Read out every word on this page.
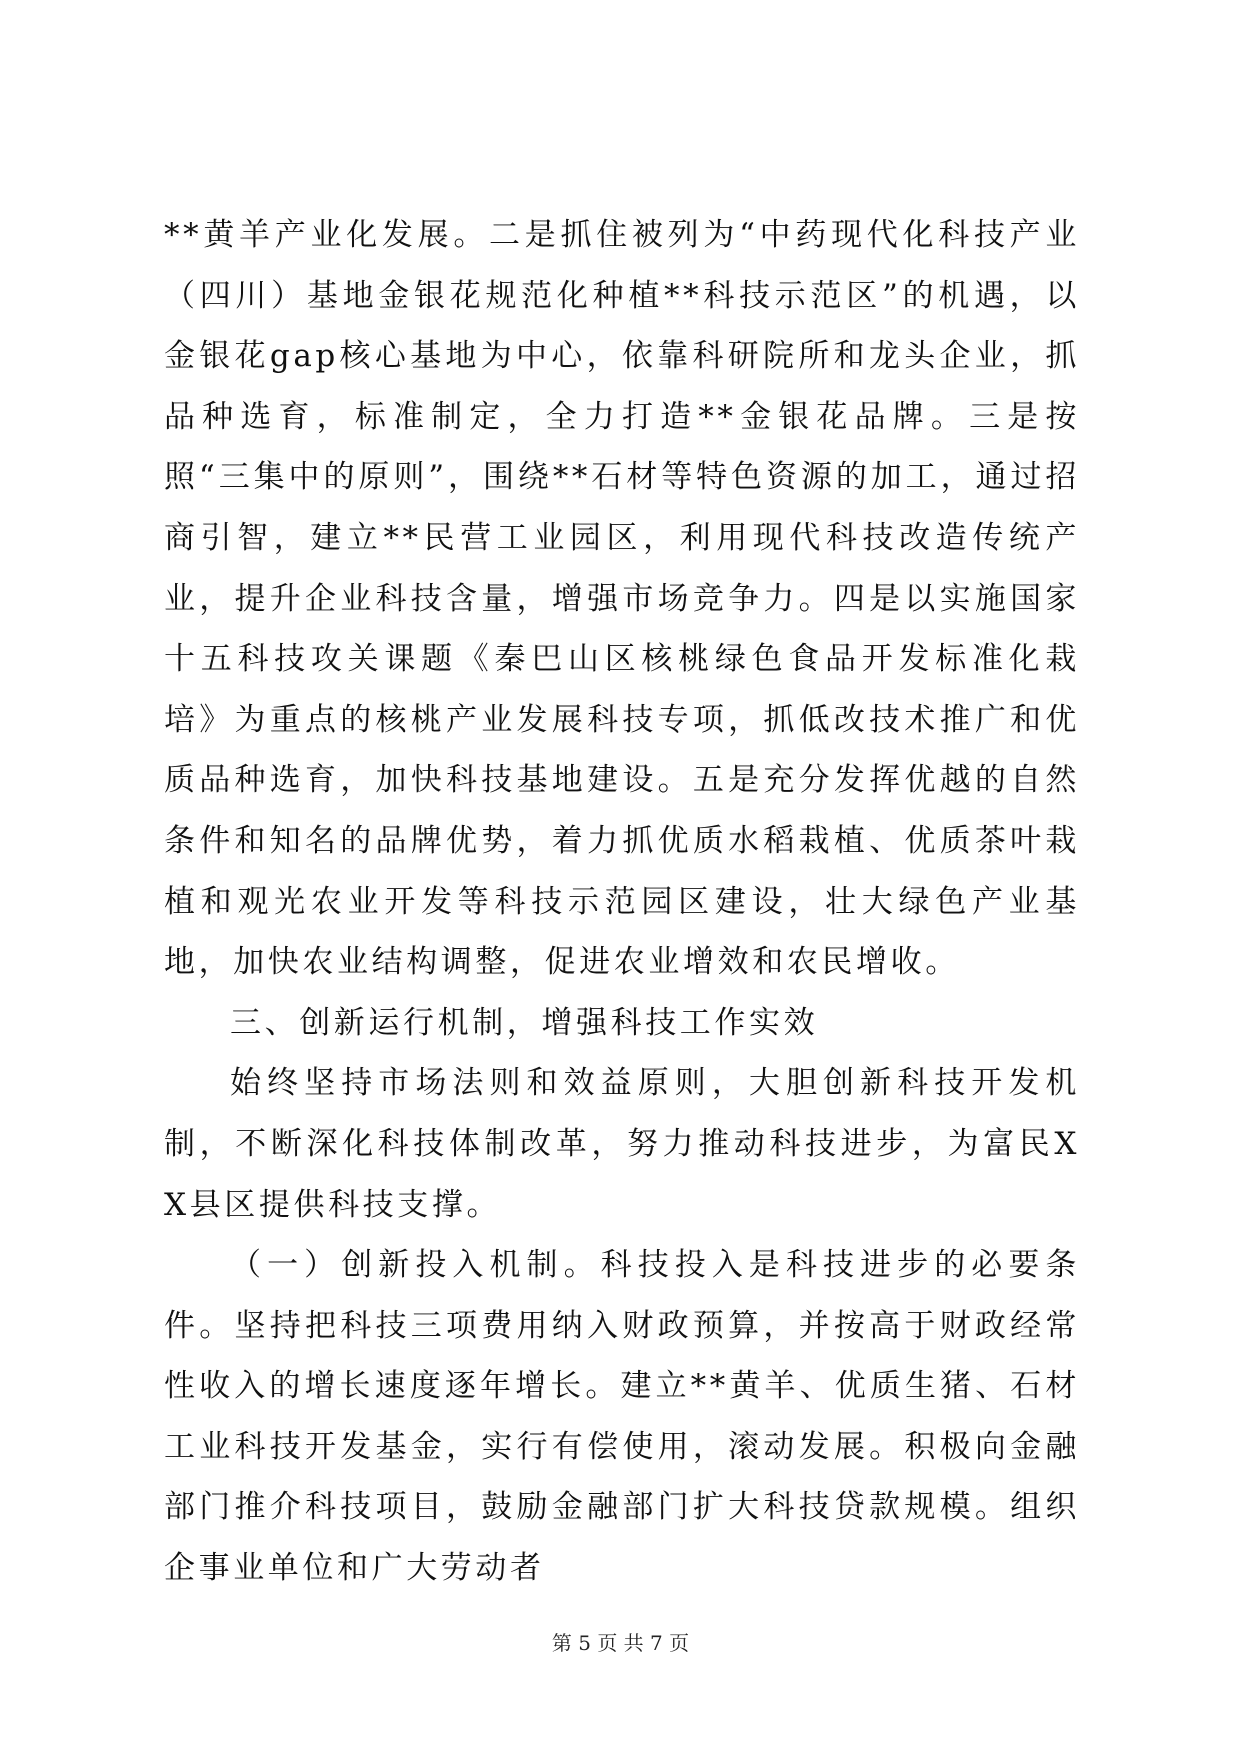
**黄羊产业化发展。二是抓住被列为“中药现代化科技产业（四川）基地金银花规范化种植**科技示范区”的机遇，以金银花gap核心基地为中心，依靠科研院所和龙头企业，抓品种选育，标准制定，全力打造**金银花品牌。三是按照“三集中的原则”，围绕**石材等特色资源的加工，通过招商引智，建立**民营工业园区，利用现代科技改造传统产业，提升企业科技含量，增强市场竞争力。四是以实施国家十五科技攻关课题《秦巴山区核桃绿色食品开发标准化栽培》为重点的核桃产业发展科技专项，抓低改技术推广和优质品种选育，加快科技基地建设。五是充分发挥优越的自然条件和知名的品牌优势，着力抓优质水稻栽植、优质茶叶栽植和观光农业开发等科技示范园区建设，壮大绿色产业基地，加快农业结构调整，促进农业增效和农民增收。

三、创新运行机制，增强科技工作实效

始终坚持市场法则和效益原则，大胆创新科技开发机制，不断深化科技体制改革，努力推动科技进步，为富民XX县区提供科技支撑。

（一）创新投入机制。科技投入是科技进步的必要条件。坚持把科技三项费用纳入财政预算，并按高于财政经常性收入的增长速度逐年增长。建立**黄羊、优质生猪、石材工业科技开发基金，实行有偿使用，滚动发展。积极向金融部门推介科技项目，鼓励金融部门扩大科技贷款规模。组织企事业单位和广大劳动者

第 5 页 共 7 页
